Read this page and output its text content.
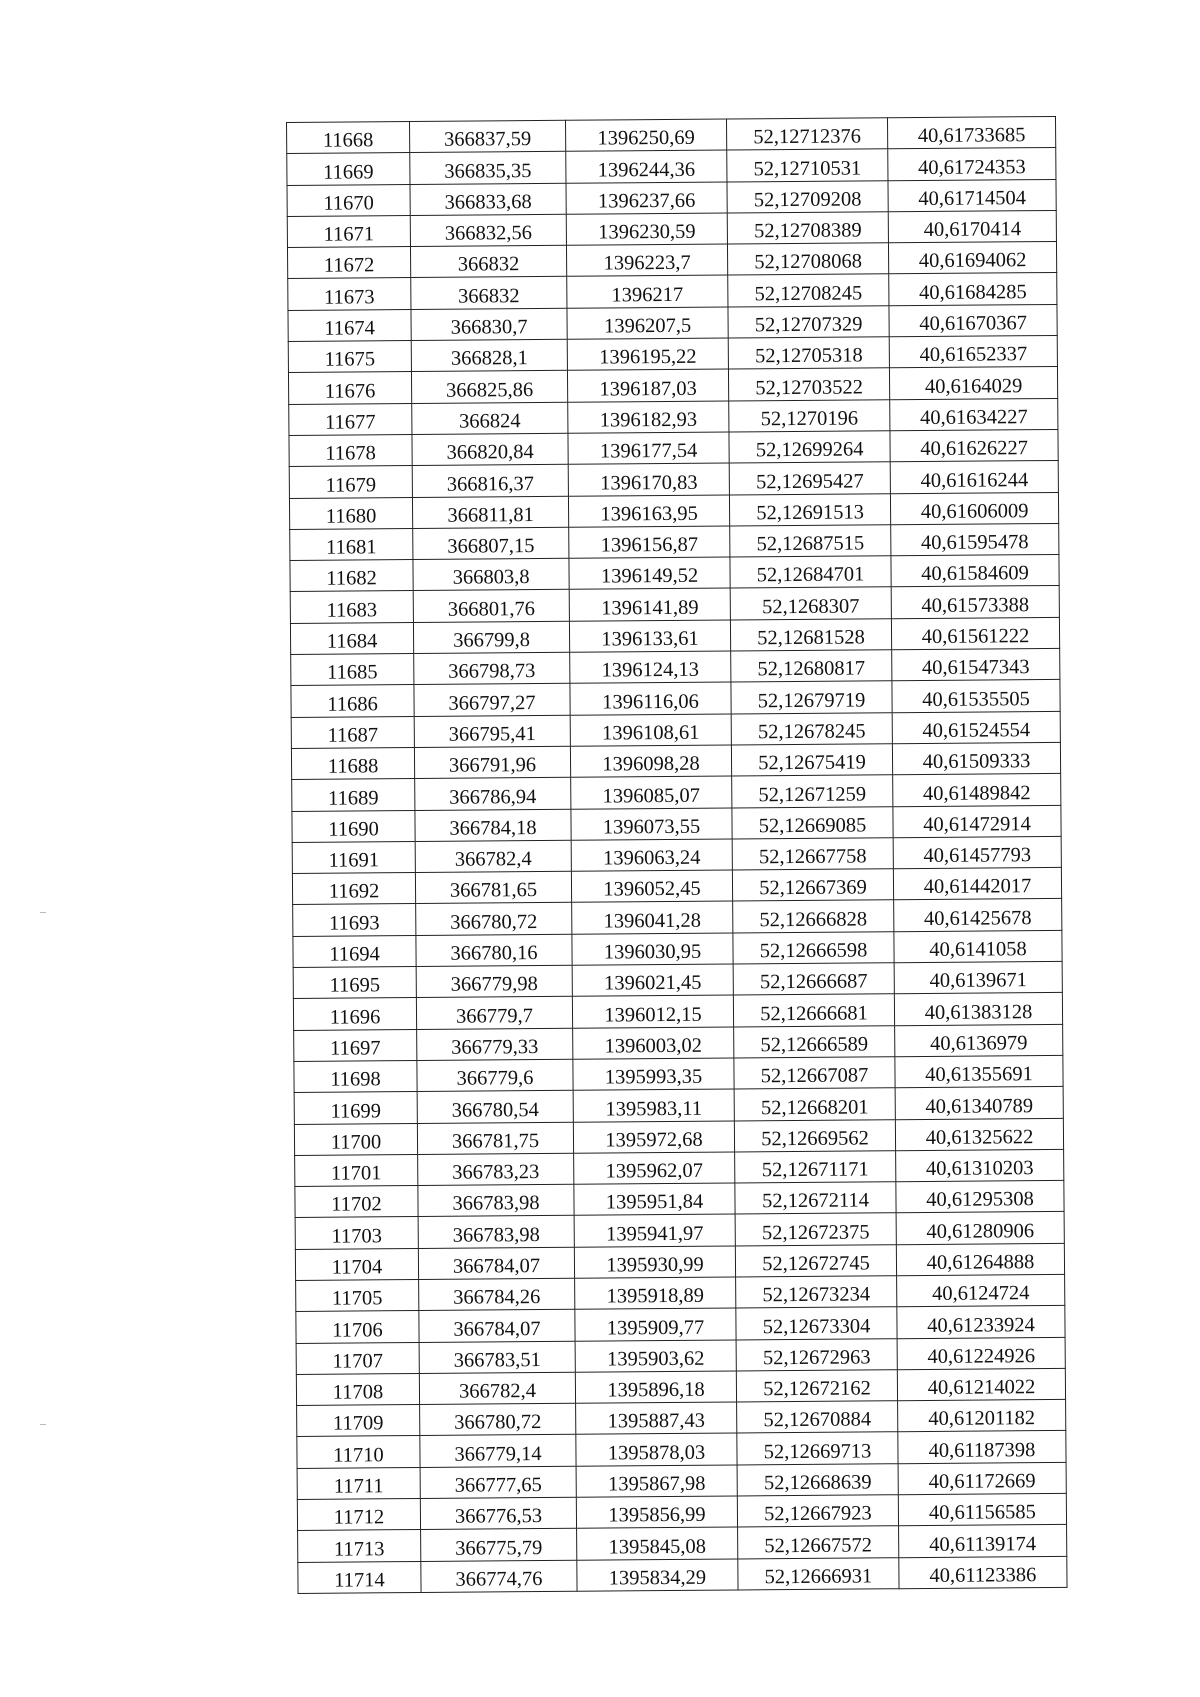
11668	366837,59	1396250,69	52,12712376	40,61733685
11669	366835,35	1396244,36	52,12710531	40,61724353
11670	366833,68	1396237,66	52,12709208	40,61714504
11671	366832,56	1396230,59	52,12708389	40,6170414
11672	366832	1396223,7	52,12708068	40,61694062
11673	366832	1396217	52,12708245	40,61684285
11674	366830,7	1396207,5	52,12707329	40,61670367
11675	366828,1	1396195,22	52,12705318	40,61652337
11676	366825,86	1396187,03	52,12703522	40,6164029
11677	366824	1396182,93	52,1270196	40,61634227
11678	366820,84	1396177,54	52,12699264	40,61626227
11679	366816,37	1396170,83	52,12695427	40,61616244
11680	366811,81	1396163,95	52,12691513	40,61606009
11681	366807,15	1396156,87	52,12687515	40,61595478
11682	366803,8	1396149,52	52,12684701	40,61584609
11683	366801,76	1396141,89	52,1268307	40,61573388
11684	366799,8	1396133,61	52,12681528	40,61561222
11685	366798,73	1396124,13	52,12680817	40,61547343
11686	366797,27	1396116,06	52,12679719	40,61535505
11687	366795,41	1396108,61	52,12678245	40,61524554
11688	366791,96	1396098,28	52,12675419	40,61509333
11689	366786,94	1396085,07	52,12671259	40,61489842
11690	366784,18	1396073,55	52,12669085	40,61472914
11691	366782,4	1396063,24	52,12667758	40,61457793
11692	366781,65	1396052,45	52,12667369	40,61442017
11693	366780,72	1396041,28	52,12666828	40,61425678
11694	366780,16	1396030,95	52,12666598	40,6141058
11695	366779,98	1396021,45	52,12666687	40,6139671
11696	366779,7	1396012,15	52,12666681	40,61383128
11697	366779,33	1396003,02	52,12666589	40,6136979
11698	366779,6	1395993,35	52,12667087	40,61355691
11699	366780,54	1395983,11	52,12668201	40,61340789
11700	366781,75	1395972,68	52,12669562	40,61325622
11701	366783,23	1395962,07	52,12671171	40,61310203
11702	366783,98	1395951,84	52,12672114	40,61295308
11703	366783,98	1395941,97	52,12672375	40,61280906
11704	366784,07	1395930,99	52,12672745	40,61264888
11705	366784,26	1395918,89	52,12673234	40,6124724
11706	366784,07	1395909,77	52,12673304	40,61233924
11707	366783,51	1395903,62	52,12672963	40,61224926
11708	366782,4	1395896,18	52,12672162	40,61214022
11709	366780,72	1395887,43	52,12670884	40,61201182
11710	366779,14	1395878,03	52,12669713	40,61187398
11711	366777,65	1395867,98	52,12668639	40,61172669
11712	366776,53	1395856,99	52,12667923	40,61156585
11713	366775,79	1395845,08	52,12667572	40,61139174
11714	366774,76	1395834,29	52,12666931	40,61123386
